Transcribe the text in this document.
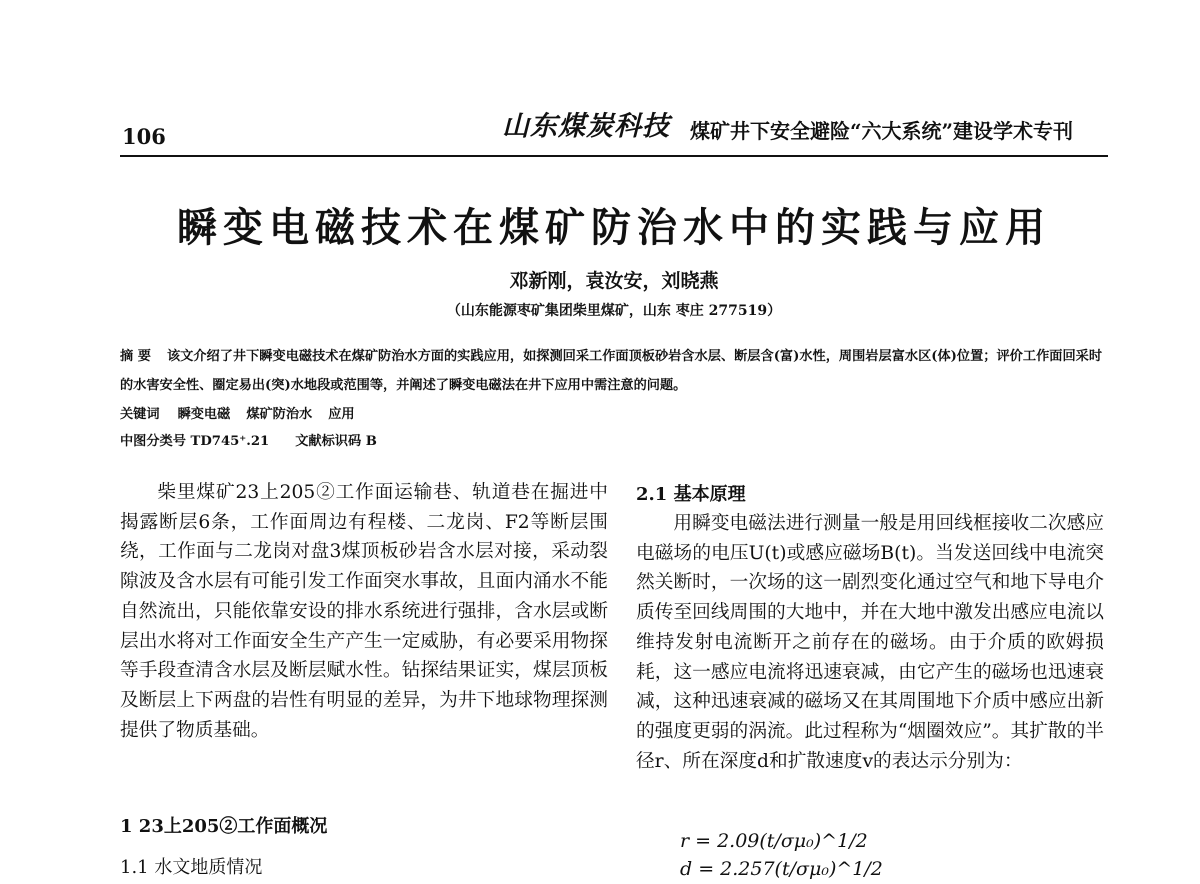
106	山东煤炭科技 煤矿井下安全避险“六大系统”建设学术专刊
瞬变电磁技术在煤矿防治水中的实践与应用
邓新刚，袁汝安，刘晓燕
（山东能源枣矿集团柴里煤矿，山东 枣庄 277519）
摘 要 该文介绍了井下瞬变电磁技术在煤矿防治水方面的实践应用，如探测回采工作面顶板砂岩含水层、断层含(富)水性，周围岩层富水区(体)位置；评价工作面回采时的水害安全性、圈定易出(突)水地段或范围等，并阐述了瞬变电磁法在井下应用中需注意的问题。
关键词 瞬变电磁 煤矿防治水 应用
中图分类号 TD745⁺.21 文献标识码 B
柴里煤矿23上205②工作面运输巷、轨道巷在掘进中揭露断层6条，工作面周边有程楼、二龙岗、F2等断层围绕，工作面与二龙岗对盘3煤顶板砂岩含水层对接，采动裂隙波及含水层有可能引发工作面突水事故，且面内涌水不能自然流出，只能依靠安设的排水系统进行强排，含水层或断层出水将对工作面安全生产产生一定威胁，有必要采用物探等手段查清含水层及断层赋水性。钻探结果证实，煤层顶板及断层上下两盘的岩性有明显的差异，为井下地球物理探测提供了物质基础。
1 23上205②工作面概况
1.1 水文地质情况
2.1 基本原理
用瞬变电磁法进行测量一般是用回线框接收二次感应电磁场的电压U(t)或感应磁场B(t)。当发送回线中电流突然关断时，一次场的这一剧烈变化通过空气和地下导电介质传至回线周围的大地中，并在大地中激发出感应电流以维持发射电流断开之前存在的磁场。由于介质的欧姆损耗，这一感应电流将迅速衰减，由它产生的磁场也迅速衰减，这种迅速衰减的磁场又在其周围地下介质中感应出新的强度更弱的涡流。此过程称为“烟圈效应”。其扩散的半径r、所在深度d和扩散速度v的表达示分别为：
r = 2.09(t/σμ₀)^1/2
d = 2.257(t/σμ₀)^1/2
